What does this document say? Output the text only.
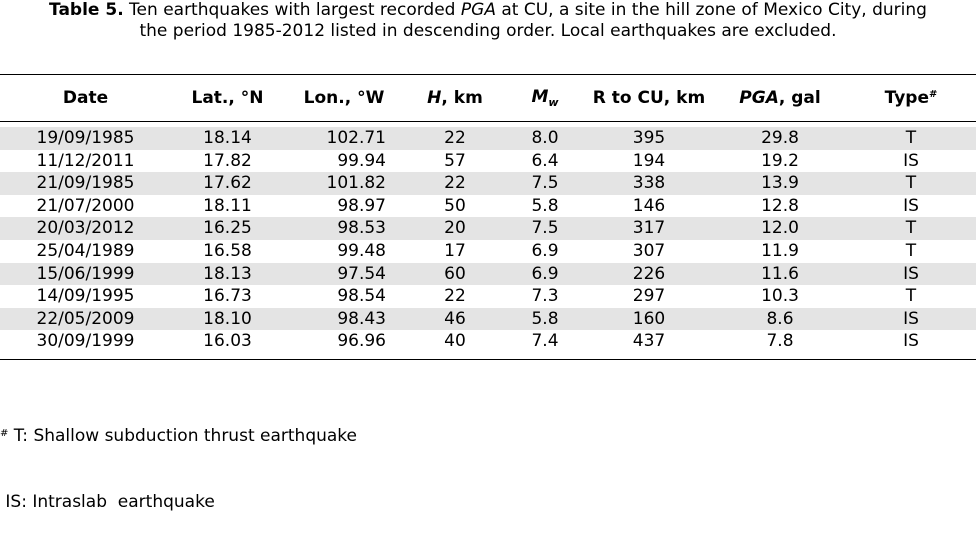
Table 5. Ten earthquakes with largest recorded PGA at CU, a site in the hill zone of Mexico City, during
the period 1985-2012 listed in descending order. Local earthquakes are excluded.
Date	Lat., °N	Lon., °W	H, km	$M_w$	R to CU, km	PGA, gal	Type#

19/09/1985	18.14	102.71	22	8.0	395	29.8	T
11/12/2011	17.82	99.94	57	6.4	194	19.2	IS
21/09/1985	17.62	101.82	22	7.5	338	13.9	T
21/07/2000	18.11	98.97	50	5.8	146	12.8	IS
20/03/2012	16.25	98.53	20	7.5	317	12.0	T
25/04/1989	16.58	99.48	17	6.9	307	11.9	T
15/06/1999	18.13	97.54	60	6.9	226	11.6	IS
14/09/1995	16.73	98.54	22	7.3	297	10.3	T
22/05/2009	18.10	98.43	46	5.8	160	8.6	IS
30/09/1999	16.03	96.96	40	7.4	437	7.8	IS

# T: Shallow subduction thrust earthquake

IS: Intraslab  earthquake
